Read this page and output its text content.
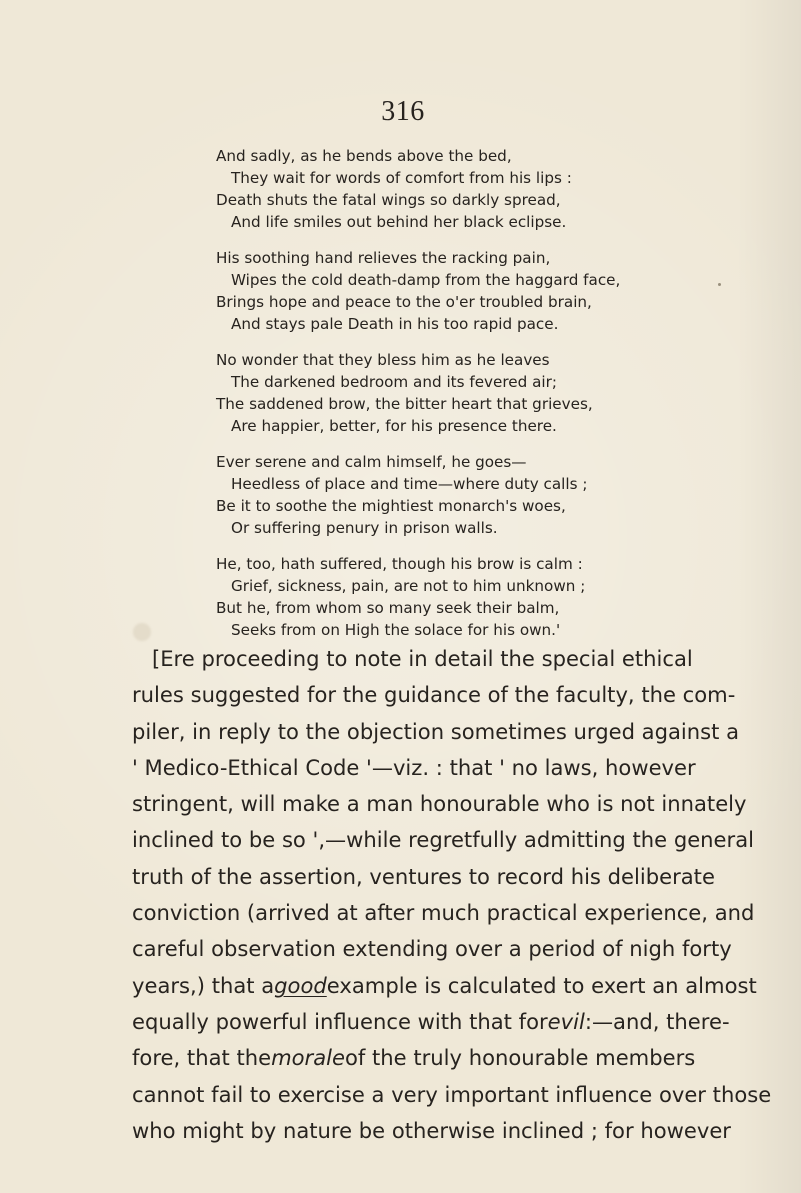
316
And sadly, as he bends above the bed,
They wait for words of comfort from his lips :
Death shuts the fatal wings so darkly spread,
And life smiles out behind her black eclipse.
His soothing hand relieves the racking pain,
Wipes the cold death-damp from the haggard face,
Brings hope and peace to the o'er troubled brain,
And stays pale Death in his too rapid pace.
No wonder that they bless him as he leaves
The darkened bedroom and its fevered air;
The saddened brow, the bitter heart that grieves,
Are happier, better, for his presence there.
Ever serene and calm himself, he goes—
Heedless of place and time—where duty calls ;
Be it to soothe the mightiest monarch's woes,
Or suffering penury in prison walls.
He, too, hath suffered, though his brow is calm :
Grief, sickness, pain, are not to him unknown ;
But he, from whom so many seek their balm,
Seeks from on High the solace for his own.'
[Ere proceeding to note in detail the special ethical
rules suggested for the guidance of the faculty, the com-
piler, in reply to the objection sometimes urged against a
' Medico-Ethical Code '—viz. : that ' no laws, however
stringent, will make a man honourable who is not innately
inclined to be so ',—while regretfully admitting the general
truth of the assertion, ventures to record his deliberate
conviction (arrived at after much practical experience, and
careful observation extending over a period of nigh forty
years,) that a good example is calculated to exert an almost
equally powerful influence with that for evil :—and, there-
fore, that the morale of the truly honourable members
cannot fail to exercise a very important influence over those
who might by nature be otherwise inclined ; for however
